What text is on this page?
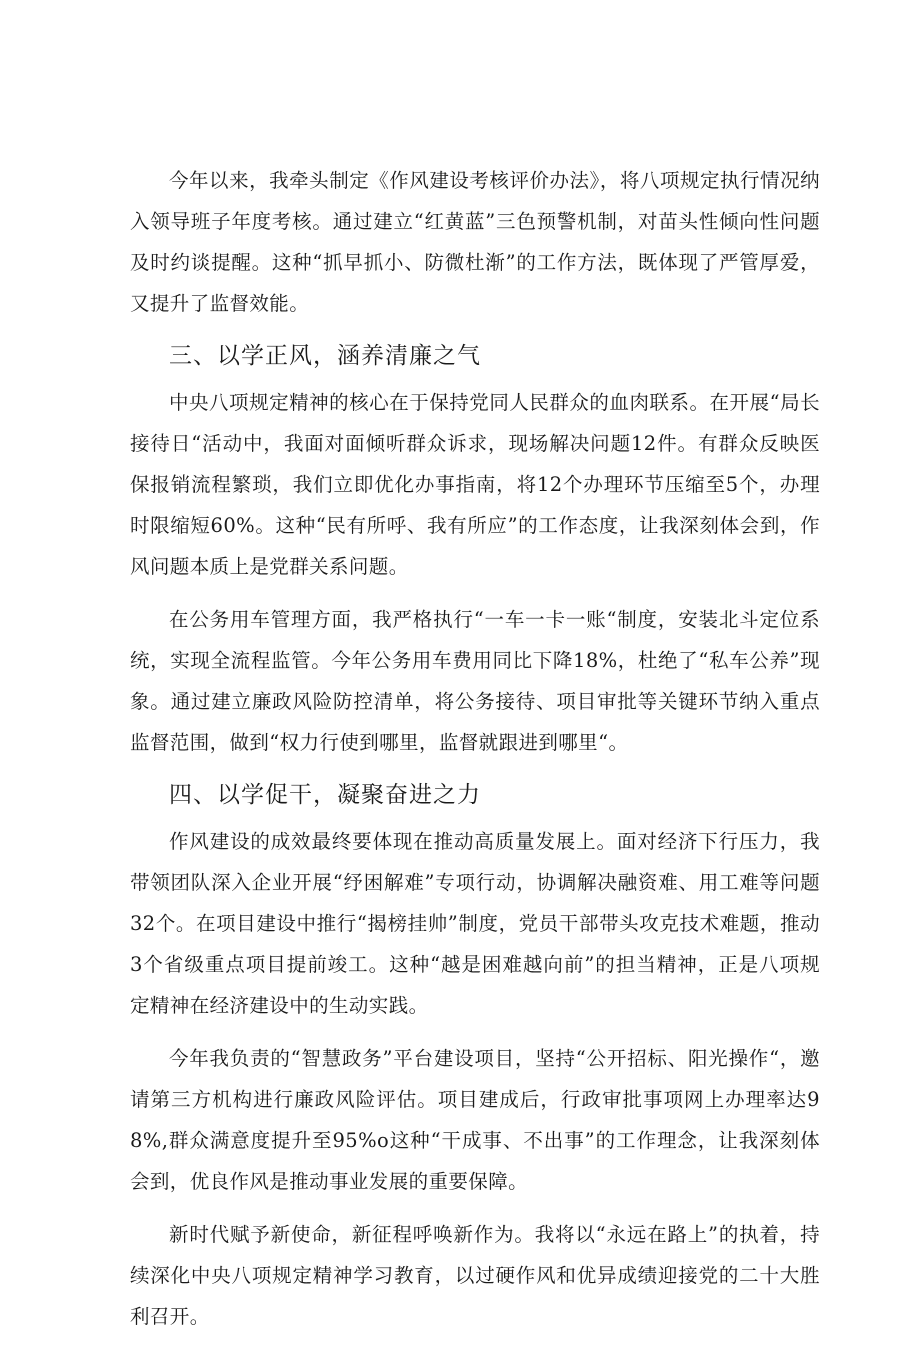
今年以来，我牵头制定《作风建设考核评价办法》，将八项规定执行情况纳入领导班子年度考核。通过建立“红黄蓝”三色预警机制，对苗头性倾向性问题及时约谈提醒。这种“抓早抓小、防微杜渐”的工作方法，既体现了严管厚爱，又提升了监督效能。

三、以学正风，涵养清廉之气

中央八项规定精神的核心在于保持党同人民群众的血肉联系。在开展“局长接待日“活动中，我面对面倾听群众诉求，现场解决问题12件。有群众反映医保报销流程繁琐，我们立即优化办事指南，将12个办理环节压缩至5个，办理时限缩短60%。这种“民有所呼、我有所应”的工作态度，让我深刻体会到，作风问题本质上是党群关系问题。

在公务用车管理方面，我严格执行“一车一卡一账“制度，安装北斗定位系统，实现全流程监管。今年公务用车费用同比下降18%，杜绝了“私车公养”现象。通过建立廉政风险防控清单，将公务接待、项目审批等关键环节纳入重点监督范围，做到“权力行使到哪里，监督就跟进到哪里“。

四、以学促干，凝聚奋进之力

作风建设的成效最终要体现在推动高质量发展上。面对经济下行压力，我带领团队深入企业开展“纾困解难”专项行动，协调解决融资难、用工难等问题32个。在项目建设中推行“揭榜挂帅”制度，党员干部带头攻克技术难题，推动3个省级重点项目提前竣工。这种“越是困难越向前”的担当精神，正是八项规定精神在经济建设中的生动实践。

今年我负责的“智慧政务”平台建设项目，坚持“公开招标、阳光操作“，邀请第三方机构进行廉政风险评估。项目建成后，行政审批事项网上办理率达98%,群众满意度提升至95%o这种“干成事、不出事”的工作理念，让我深刻体会到，优良作风是推动事业发展的重要保障。

新时代赋予新使命，新征程呼唤新作为。我将以“永远在路上”的执着，持续深化中央八项规定精神学习教育，以过硬作风和优异成绩迎接党的二十大胜利召开。
